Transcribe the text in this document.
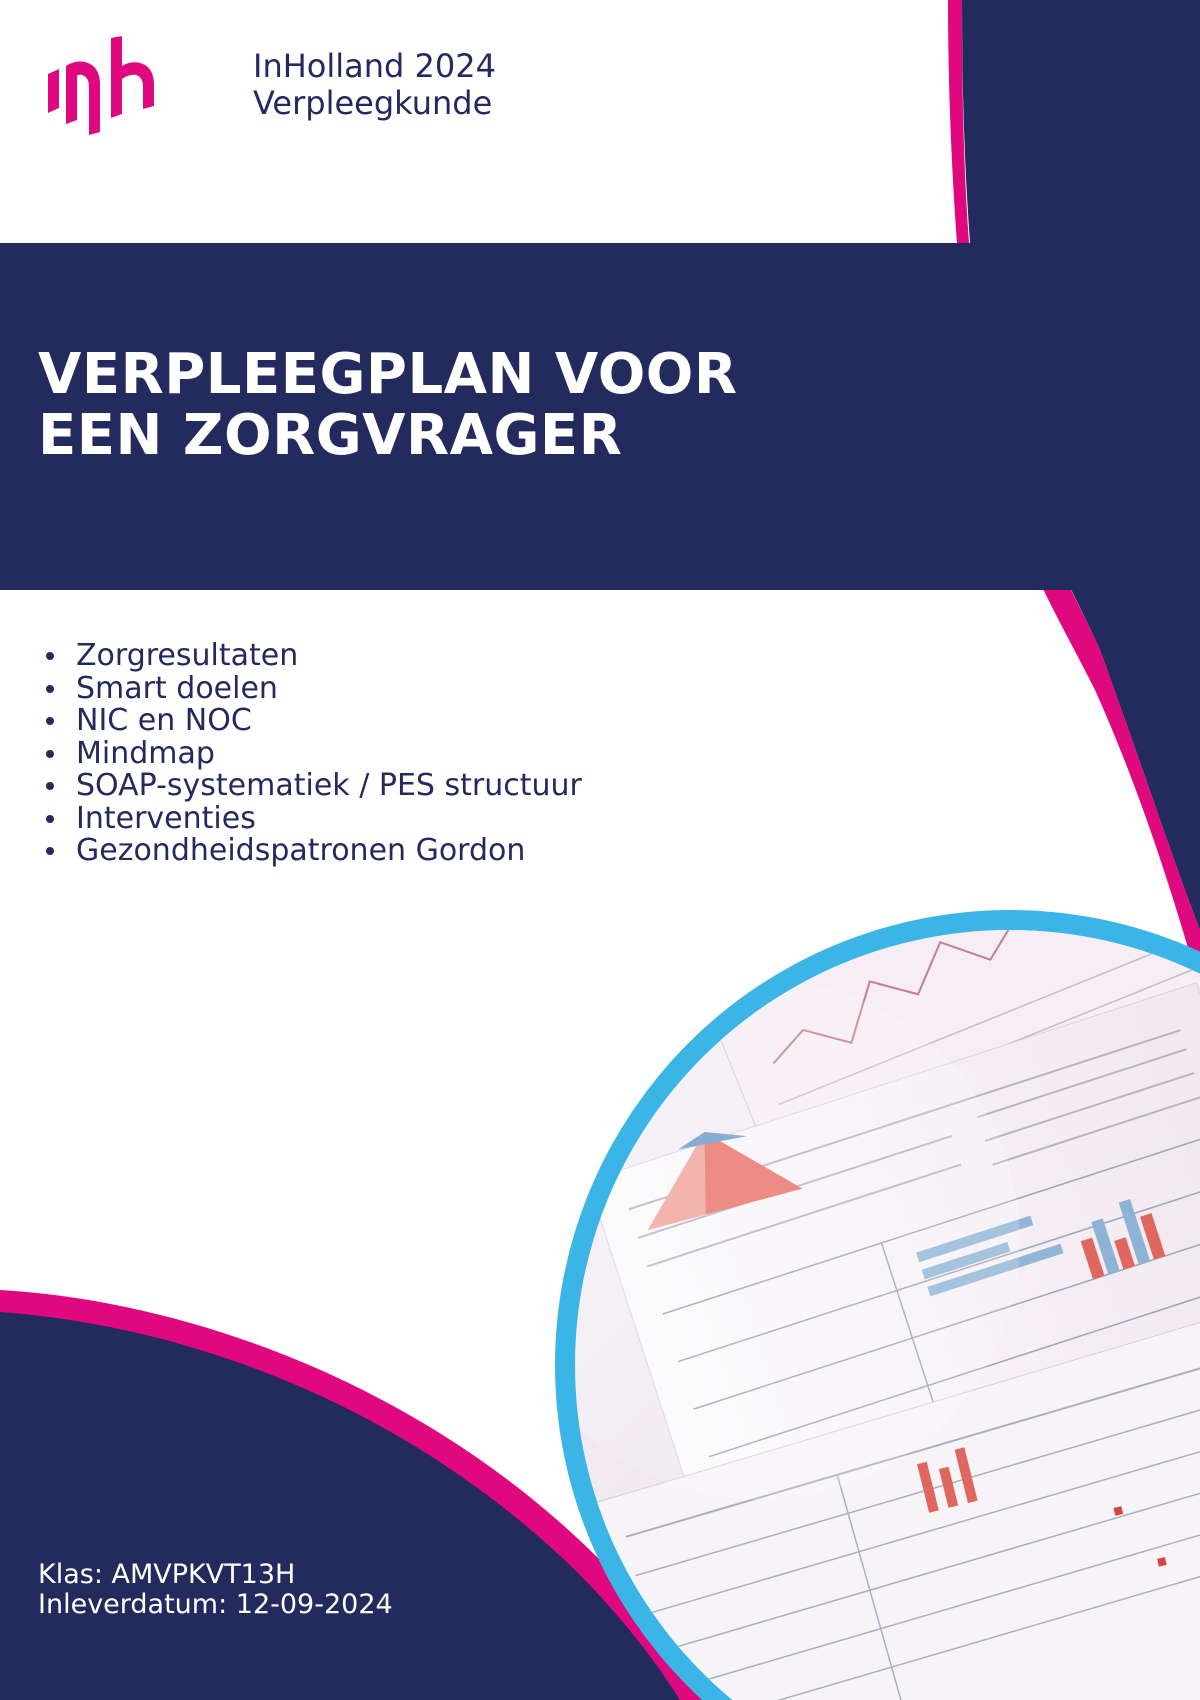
InHolland 2024
Verpleegkunde
VERPLEEGPLAN VOOR
EEN ZORGVRAGER
Zorgresultaten
Smart doelen
NIC en NOC
Mindmap
SOAP-systematiek / PES structuur
Interventies
Gezondheidspatronen Gordon
Klas: AMVPKVT13H
Inleverdatum: 12-09-2024
